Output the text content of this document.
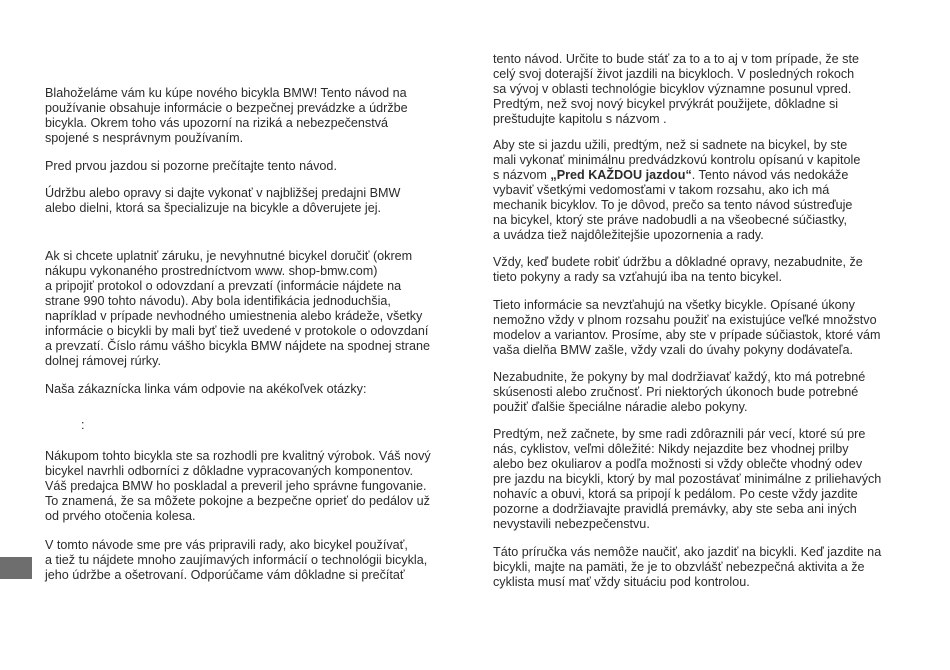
Blahoželáme vám ku kúpe nového bicykla BMW! Tento návod na
používanie obsahuje informácie o bezpečnej prevádzke a údržbe
bicykla. Okrem toho vás upozorní na riziká a nebezpečenstvá
spojené s nesprávnym používaním.

Pred prvou jazdou si pozorne prečítajte tento návod.

Údržbu alebo opravy si dajte vykonať v najbližšej predajni BMW
alebo dielni, ktorá sa špecializuje na bicykle a dôverujete jej.

Ak si chcete uplatniť záruku, je nevyhnutné bicykel doručiť (okrem
nákupu vykonaného prostredníctvom www. shop-bmw.com)
a pripojiť protokol o odovzdaní a prevzatí (informácie nájdete na
strane 990 tohto návodu). Aby bola identifikácia jednoduchšia,
napríklad v prípade nevhodného umiestnenia alebo krádeže, všetky
informácie o bicykli by mali byť tiež uvedené v protokole o odovzdaní
a prevzatí. Číslo rámu vášho bicykla BMW nájdete na spodnej strane
dolnej rámovej rúrky.

Naša zákaznícka linka vám odpovie na akékoľvek otázky:

:

Nákupom tohto bicykla ste sa rozhodli pre kvalitný výrobok. Váš nový
bicykel navrhli odborníci z dôkladne vypracovaných komponentov.
Váš predajca BMW ho poskladal a preveril jeho správne fungovanie.
To znamená, že sa môžete pokojne a bezpečne oprieť do pedálov už
od prvého otočenia kolesa.

V tomto návode sme pre vás pripravili rady, ako bicykel používať,
a tiež tu nájdete mnoho zaujímavých informácií o technológii bicykla,
jeho údržbe a ošetrovaní. Odporúčame vám dôkladne si prečítať

tento návod. Určite to bude stáť za to a to aj v tom prípade, že ste
celý svoj doterajší život jazdili na bicykloch. V posledných rokoch
sa vývoj v oblasti technológie bicyklov významne posunul vpred.
Predtým, než svoj nový bicykel prvýkrát použijete, dôkladne si
preštudujte kapitolu s názvom .

Aby ste si jazdu užili, predtým, než si sadnete na bicykel, by ste
mali vykonať minimálnu predvádzkovú kontrolu opísanú v kapitole
s názvom „Pred KAŽDOU jazdou“. Tento návod vás nedokáže
vybaviť všetkými vedomosťami v takom rozsahu, ako ich má
mechanik bicyklov. To je dôvod, prečo sa tento návod sústreďuje
na bicykel, ktorý ste práve nadobudli a na všeobecné súčiastky,
a uvádza tiež najdôležitejšie upozornenia a rady.

Vždy, keď budete robiť údržbu a dôkladné opravy, nezabudnite, že
tieto pokyny a rady sa vzťahujú iba na tento bicykel.

Tieto informácie sa nevzťahujú na všetky bicykle. Opísané úkony
nemožno vždy v plnom rozsahu použiť na existujúce veľké množstvo
modelov a variantov. Prosíme, aby ste v prípade súčiastok, ktoré vám
vaša dielňa BMW zašle, vždy vzali do úvahy pokyny dodávateľa.

Nezabudnite, že pokyny by mal dodržiavať každý, kto má potrebné
skúsenosti alebo zručnosť. Pri niektorých úkonoch bude potrebné
použiť ďalšie špeciálne náradie alebo pokyny.

Predtým, než začnete, by sme radi zdôraznili pár vecí, ktoré sú pre
nás, cyklistov, veľmi dôležité: Nikdy nejazdite bez vhodnej prilby
alebo bez okuliarov a podľa možnosti si vždy oblečte vhodný odev
pre jazdu na bicykli, ktorý by mal pozostávať minimálne z priliehavých
nohavíc a obuvi, ktorá sa pripojí k pedálom. Po ceste vždy jazdite
pozorne a dodržiavajte pravidlá premávky, aby ste seba ani iných
nevystavili nebezpečenstvu.

Táto príručka vás nemôže naučiť, ako jazdiť na bicykli. Keď jazdite na
bicykli, majte na pamäti, že je to obzvlášť nebezpečná aktivita a že
cyklista musí mať vždy situáciu pod kontrolou.
